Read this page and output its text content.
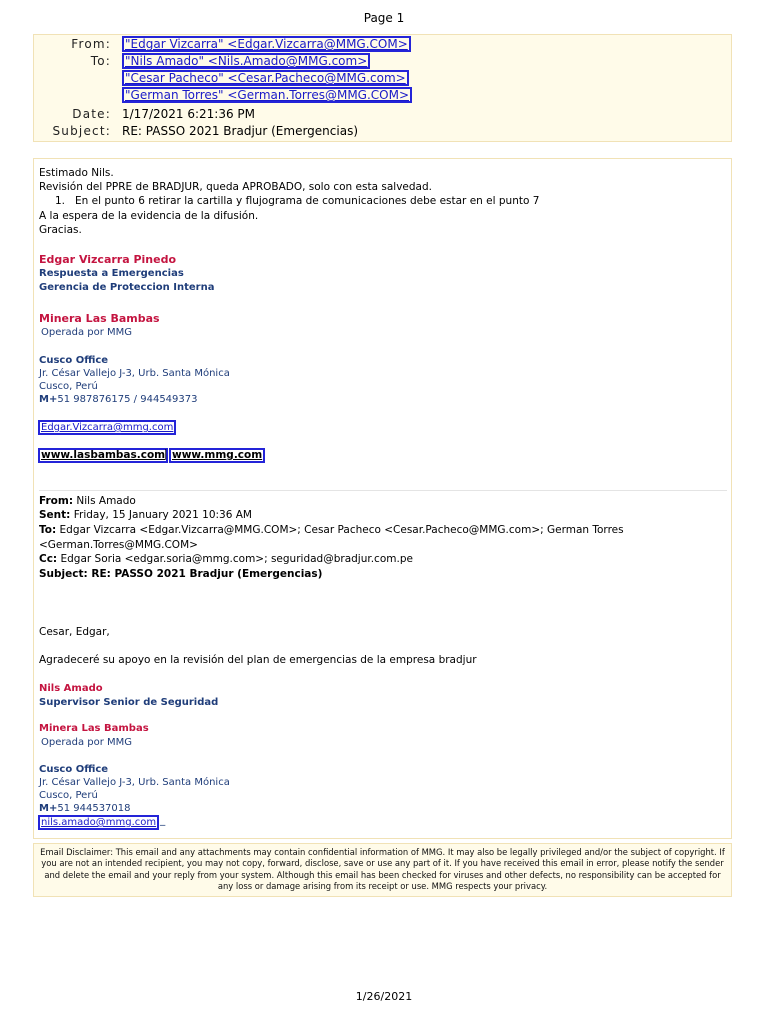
Page 1
From: "Edgar Vizcarra" <Edgar.Vizcarra@MMG.COM>
To: "Nils Amado" <Nils.Amado@MMG.com>
"Cesar Pacheco" <Cesar.Pacheco@MMG.com>
"German Torres" <German.Torres@MMG.COM>
Date: 1/17/2021 6:21:36 PM
Subject: RE: PASSO 2021 Bradjur (Emergencias)
Estimado Nils.
Revisión del PPRE de BRADJUR, queda APROBADO, solo con esta salvedad.
1. En el punto 6 retirar la cartilla y flujograma de comunicaciones debe estar en el punto 7
A la espera de la evidencia de la difusión.
Gracias.
Edgar Vizcarra Pinedo
Respuesta a Emergencias
Gerencia de Proteccion Interna
Minera Las Bambas
Operada por MMG
Cusco Office
Jr. César Vallejo J-3, Urb. Santa Mónica
Cusco, Perú
M+51 987876175 / 944549373
Edgar.Vizcarra@mmg.com
www.lasbambas.com
| www.mmg.com
From: Nils Amado
Sent: Friday, 15 January 2021 10:36 AM
To: Edgar Vizcarra <Edgar.Vizcarra@MMG.COM>; Cesar Pacheco <Cesar.Pacheco@MMG.com>; German Torres
<German.Torres@MMG.COM>
Cc: Edgar Soria <edgar.soria@mmg.com>; seguridad@bradjur.com.pe
Subject: RE: PASSO 2021 Bradjur (Emergencias)
Cesar, Edgar,
Agradeceré su apoyo en la revisión del plan de emergencias de la empresa bradjur
Nils Amado
Supervisor Senior de Seguridad
Minera Las Bambas
Operada por MMG
Cusco Office
Jr. César Vallejo J-3, Urb. Santa Mónica
Cusco, Perú
M+51 944537018
nils.amado@mmg.com _
Email Disclaimer: This email and any attachments may contain confidential information of MMG. It may also be legally privileged and/or the subject of copyright. If you are not an intended recipient, you may not copy, forward, disclose, save or use any part of it. If you have received this email in error, please notify the sender and delete the email and your reply from your system. Although this email has been checked for viruses and other defects, no responsibility can be accepted for any loss or damage arising from its receipt or use. MMG respects your privacy.
1/26/2021
